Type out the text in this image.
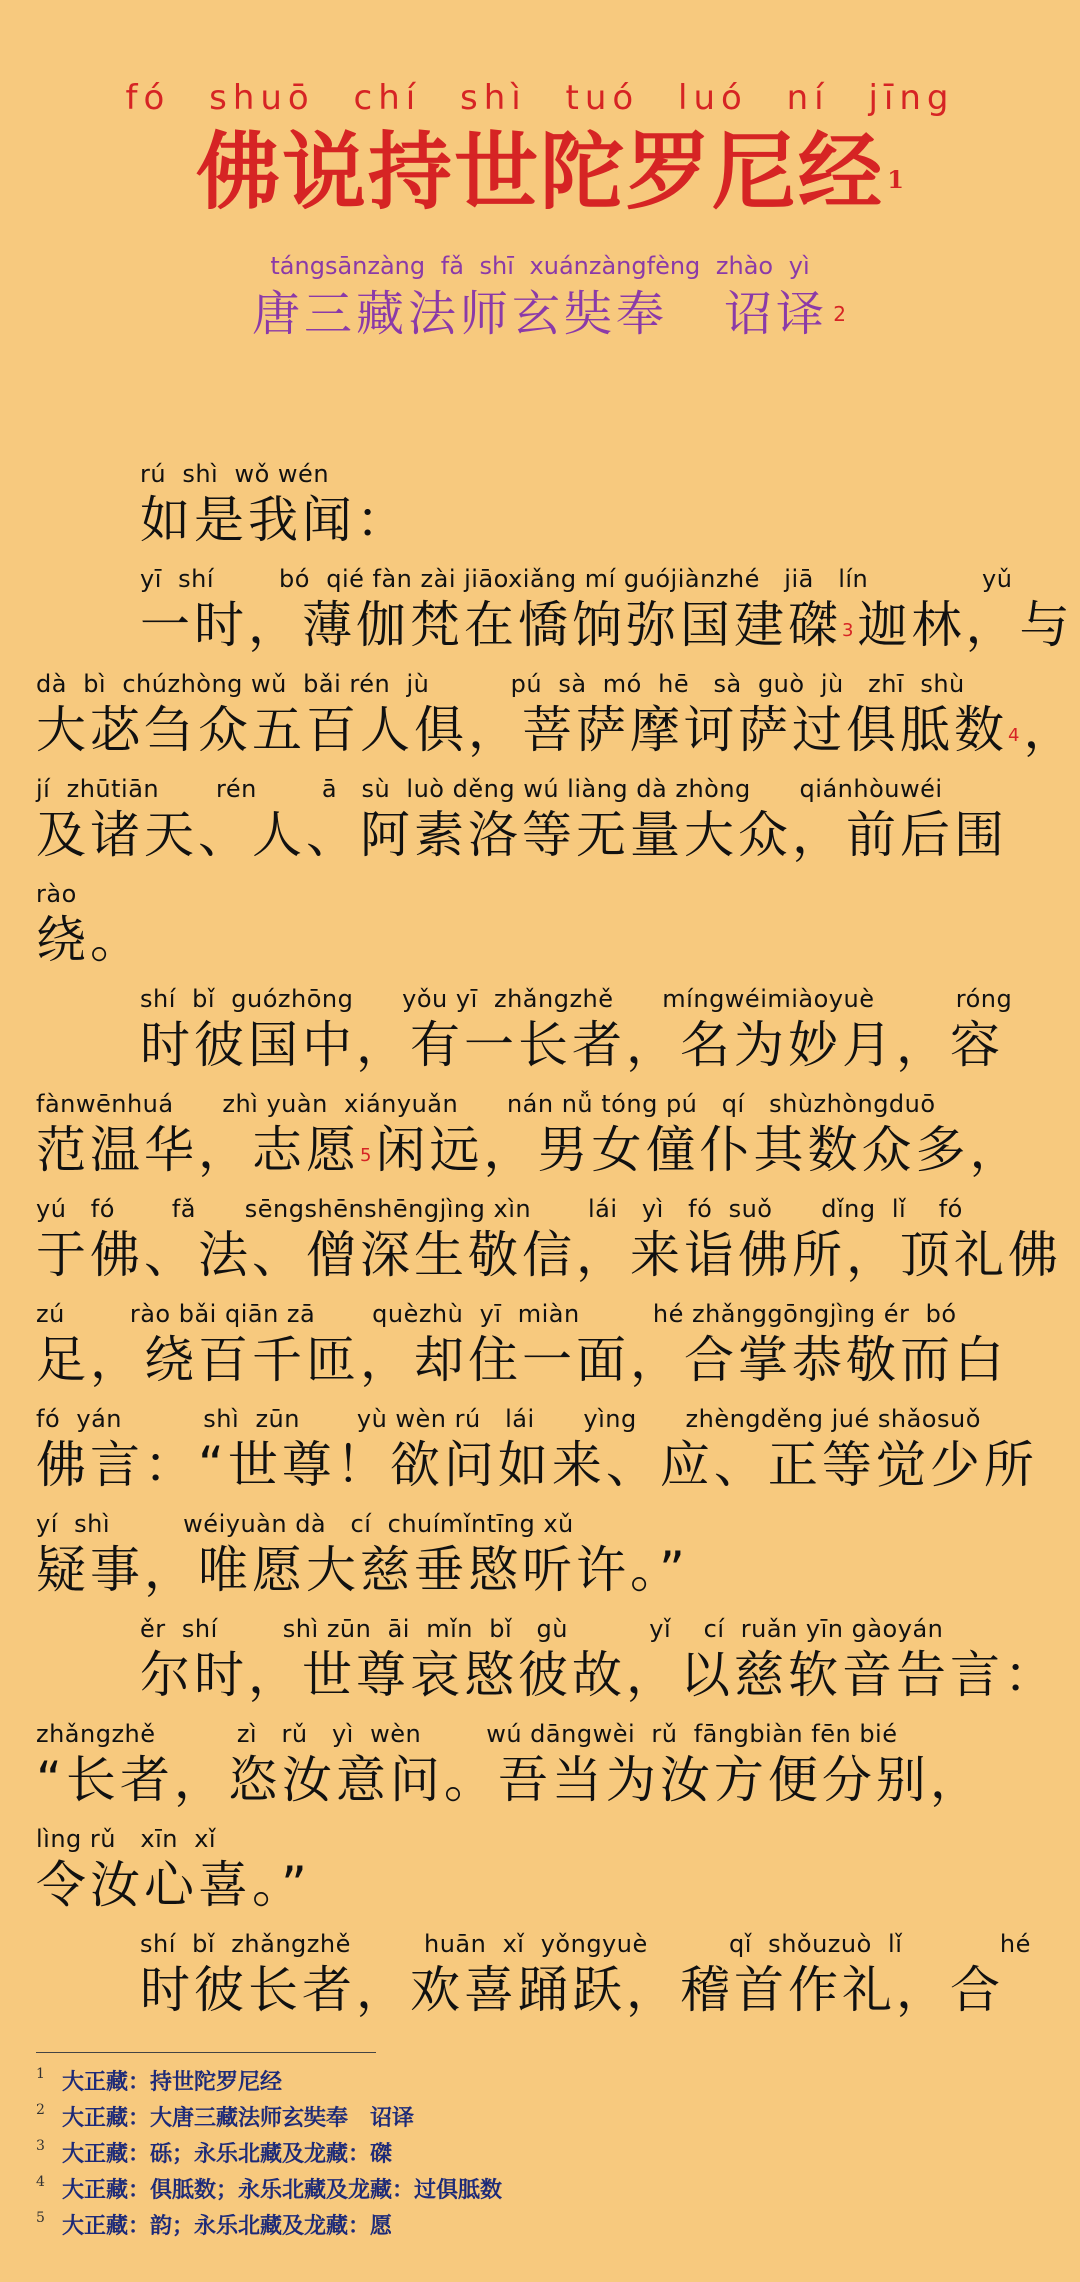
fó shuō chí shì tuó luó ní jīng
佛说持世陀罗尼经 1
tángsānzàng fǎ shī xuánzàngfèng zhào yì
唐三藏法师玄奘奉 诏译 2
rú  shì  wǒ wén
如是我闻：
yī  shí        bó  qié fàn zài jiāoxiǎng mí guójiànzhé   jiā   lín              yǔ
一时，薄伽梵在憍饷弥国建磔$^3$迦林，与
dà  bì  chúzhòng wǔ  bǎi rén  jù          pú  sà  mó  hē   sà  guò  jù   zhī  shù
大苾刍众五百人俱，菩萨摩诃萨过俱胝数$^4$，
jí  zhūtiān       rén        ā   sù  luò děng wú liàng dà zhòng      qiánhòuwéi
及诸天、人、阿素洛等无量大众，前后围
rào
绕。
shí  bǐ  guózhōng      yǒu yī  zhǎngzhě      míngwéimiàoyuè          róng
时彼国中，有一长者，名为妙月，容
fànwēnhuá      zhì yuàn  xiányuǎn      nán nǚ tóng pú   qí   shùzhòngduō
范温华，志愿$^5$闲远，男女僮仆其数众多，
yú   fó       fǎ      sēngshēnshēngjìng xìn       lái   yì   fó  suǒ      dǐng  lǐ    fó
于佛、法、僧深生敬信，来诣佛所，顶礼佛
zú        rào bǎi qiān zā       quèzhù  yī  miàn         hé zhǎnggōngjìng ér  bó
足，绕百千匝，却住一面，合掌恭敬而白
fó  yán          shì  zūn       yù wèn rú   lái      yìng      zhèngděng jué shǎosuǒ
佛言：“世尊！欲问如来、应、正等觉少所
yí  shì         wéiyuàn dà   cí  chuímǐntīng xǔ
疑事，唯愿大慈垂愍听许。”
ěr  shí        shì zūn  āi  mǐn  bǐ   gù          yǐ    cí  ruǎn yīn gàoyán
尔时，世尊哀愍彼故，以慈软音告言：
zhǎngzhě          zì   rǔ   yì  wèn        wú dāngwèi  rǔ  fāngbiàn fēn bié
“长者，恣汝意问。吾当为汝方便分别，
lìng rǔ   xīn  xǐ
令汝心喜。”
shí  bǐ  zhǎngzhě         huān  xǐ  yǒngyuè          qǐ  shǒuzuò  lǐ            hé
时彼长者，欢喜踊跃，稽首作礼，合
1 大正藏：持世陀罗尼经
2 大正藏：大唐三藏法师玄奘奉　诏译
3 大正藏：砾；永乐北藏及龙藏：磔
4 大正藏：俱胝数；永乐北藏及龙藏：过俱胝数
5 大正藏：韵；永乐北藏及龙藏：愿
